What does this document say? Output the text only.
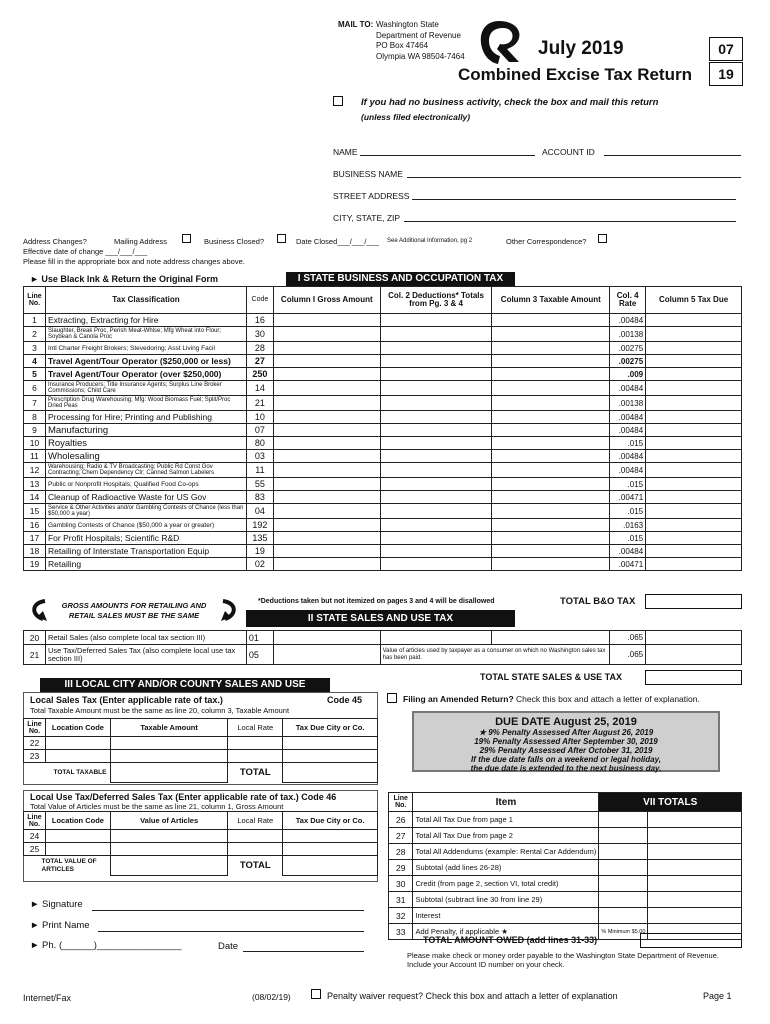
MAIL TO: Washington State
Department of Revenue
PO Box 47464
Olympia WA 98504-7464	July 2019
Combined Excise Tax Return
07
19
If you had no business activity, check the box and mail this return
(unless filed electronically)
NAME	ACCOUNT ID
BUSINESS NAME
STREET ADDRESS
CITY, STATE, ZIP
Address Changes?	Mailing Address	Business Closed?	Date Closed___/___/___ See Additional Information, pg 2	Other Correspondence?
Effective date of change ___/___/___
Please fill in the appropriate box and note address changes above.
► Use Black Ink & Return the Original Form	I STATE BUSINESS AND OCCUPATION TAX
Line No.	Tax Classification	Code	Column I Gross Amount	Col. 2 Deductions* Totals from Pg. 3 & 4	Column 3 Taxable Amount	Col. 4 Rate	Column 5 Tax Due
1	Extracting, Extracting for Hire	16				.00484	
2	Slaughter, Break Proc, Perish Meat-Whlse; Mfg Wheat into Flour; Soybean & Canola Proc	30				.00138	
3	Intl Charter Freight Brokers; Stevedoring; Asst Living Facil	28				.00275	
4	Travel Agent/Tour Operator ($250,000 or less)	27				.00275	
5	Travel Agent/Tour Operator (over $250,000)	250				.009	
6	Insurance Producers; Title Insurance Agents; Surplus Line Broker Commissions; Child Care	14				.00484	
7	Prescription Drug Warehousing; Mfg: Wood Biomass Fuel; Split/Proc Dried Peas	21				.00138	
8	Processing for Hire; Printing and Publishing	10				.00484	
9	Manufacturing	07				.00484	
10	Royalties	80				.015	
11	Wholesaling	03				.00484	
12	Warehousing; Radio & TV Broadcasting; Public Rd Const Gov Contracting; Chem Dependency Ctr; Canned Salmon Labelers	11				.00484	
13	Public or Nonprofit Hospitals; Qualified Food Co-ops	55				.015	
14	Cleanup of Radioactive Waste for US Gov	83				.00471	
15	Service & Other Activities and/or Gambling Contests of Chance (less than $50,000 a year)	04				.015	
16	Gambling Contests of Chance ($50,000 a year or greater)	192				.0163	
17	For Profit Hospitals; Scientific R&D	135				.015	
18	Retailing of Interstate Transportation Equip	19				.00484	
19	Retailing	02				.00471	
*Deductions taken but not itemized on pages 3 and 4 will be disallowed	TOTAL B&O TAX
GROSS AMOUNTS FOR RETAILING AND
RETAIL SALES MUST BE THE SAME	II STATE SALES AND USE TAX
20	Retail Sales (also complete local tax section III)	01				.065	
21	Use Tax/Deferred Sales Tax (also complete local use tax section III)	05		Value of articles used by taxpayer as a consumer on which no Washington sales tax has been paid.		.065	
TOTAL STATE SALES & USE TAX
III LOCAL CITY AND/OR COUNTY SALES AND USE
Local Sales Tax (Enter applicable rate of tax.)	Code 45
Total Taxable Amount must be the same as line 20, column 3, Taxable Amount
Line No.	Location Code	Taxable Amount	Local Rate	Tax Due City or Co.
22				
23				
TOTAL TAXABLE			TOTAL	
Local Use Tax/Deferred Sales Tax (Enter applicable rate of tax.) Code 46
Total Value of Articles must be the same as line 21, column 1, Gross Amount
Line No.	Location Code	Value of Articles	Local Rate	Tax Due City or Co.
24				
25				
TOTAL VALUE OF ARTICLES			TOTAL	
Filing an Amended Return? Check this box and attach a letter of explanation.
DUE DATE August 25, 2019
★ 9% Penalty Assessed After August 26, 2019
19% Penalty Assessed After September 30, 2019
29% Penalty Assessed After October 31, 2019
If the due date falls on a weekend or legal holiday,
the due date is extended to the next business day.
Line No.	Item	VII TOTALS	
26	Total All Tax Due from page 1		
27	Total All Tax Due from page 2		
28	Total All Addendums (example: Rental Car Addendum)		
29	Subtotal (add lines 26-28)		
30	Credit (from page 2, section VI, total credit)		
31	Subtotal (subtract line 30 from line 29)		
32	Interest		
33	Add Penalty, if applicable ★	% Minimum $5.00	
TOTAL AMOUNT OWED (add lines 31-33)
Please make check or money order payable to the Washington State Department of Revenue. Include your Account ID number on your check.
► Signature
► Print Name
► Ph. (______)________________	Date
Internet/Fax	(08/02/19)	Penalty waiver request? Check this box and attach a letter of explanation	Page 1
